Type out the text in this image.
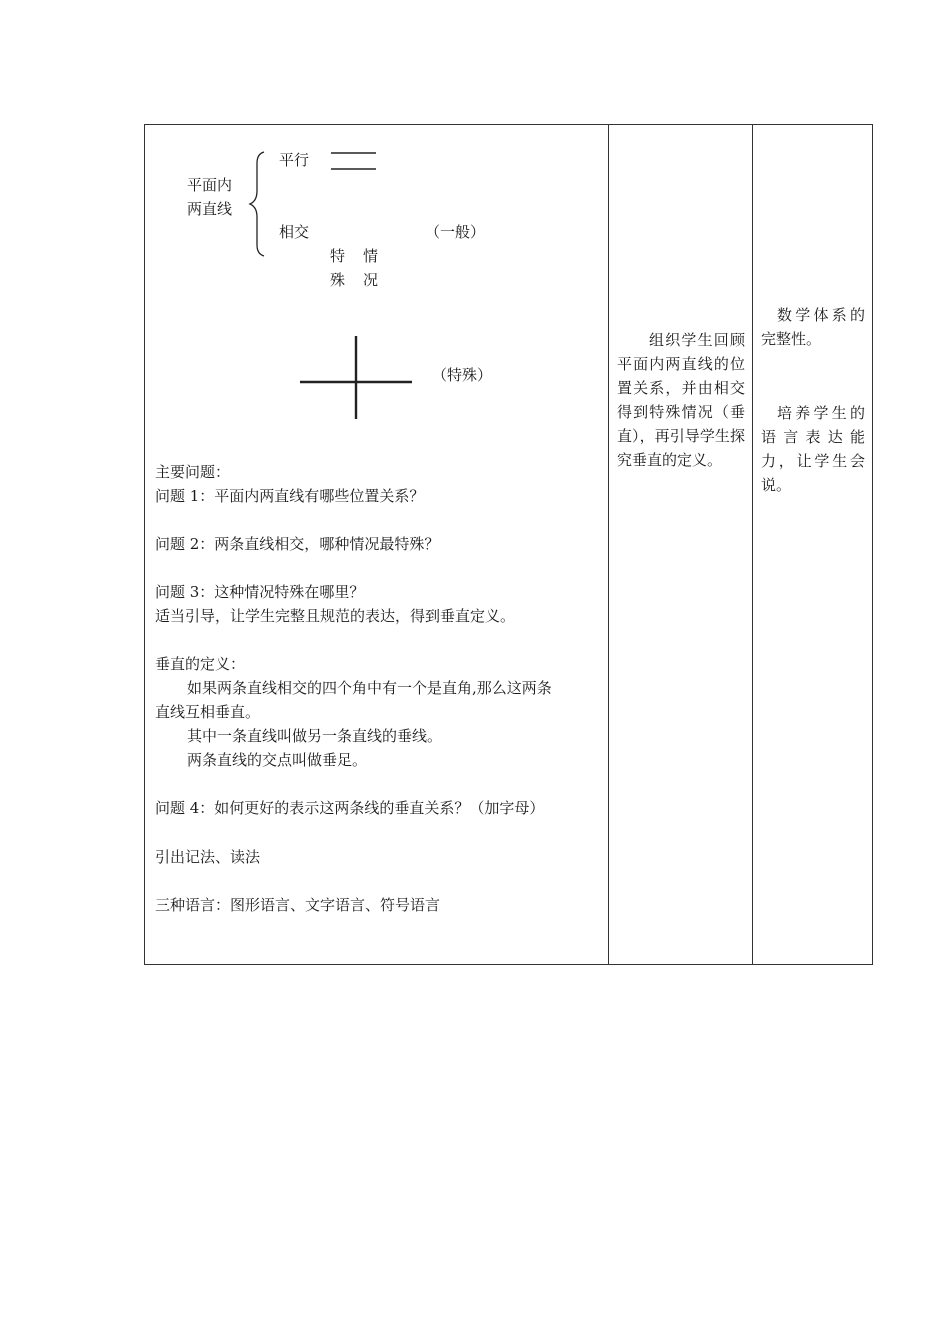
平面内
两直线
平行
相交	（一般）
特
殊
情
况
（特殊）
主要问题：
问题 1：平面内两直线有哪些位置关系？
问题 2：两条直线相交，哪种情况最特殊？
问题 3：这种情况特殊在哪里？
适当引导，让学生完整且规范的表达，得到垂直定义。
垂直的定义：
如果两条直线相交的四个角中有一个是直角,那么这两条
直线互相垂直。
其中一条直线叫做另一条直线的垂线。
两条直线的交点叫做垂足。
问题 4：如何更好的表示这两条线的垂直关系？（加字母）
引出记法、读法
三种语言：图形语言、文字语言、符号语言
组织学生回顾平面内两直线的位置关系，并由相交得到特殊情况（垂直），再引导学生探究垂直的定义。
数学体系的完整性。
培养学生的语言表达能力，让学生会说。
